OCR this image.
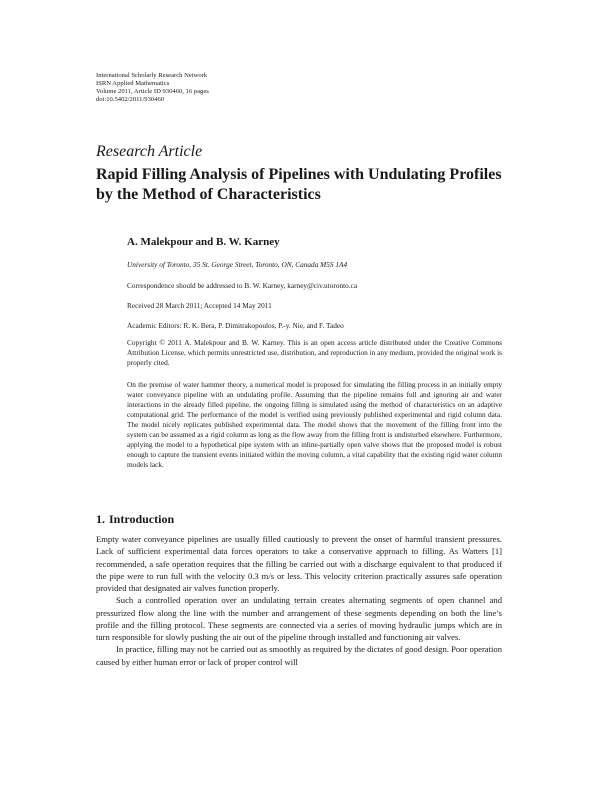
International Scholarly Research Network
ISRN Applied Mathematics
Volume 2011, Article ID 930460, 16 pages
doi:10.5402/2011/930460
Research Article
Rapid Filling Analysis of Pipelines with Undulating Profiles by the Method of Characteristics
A. Malekpour and B. W. Karney
University of Toronto, 35 St. George Street, Toronto, ON, Canada M5S 1A4
Correspondence should be addressed to B. W. Karney, karney@civ.utoronto.ca
Received 28 March 2011; Accepted 14 May 2011
Academic Editors: R. K. Bera, P. Dimitrakopoulos, P.-y. Nie, and F. Tadeo
Copyright © 2011 A. Malekpour and B. W. Karney. This is an open access article distributed under the Creative Commons Attribution License, which permits unrestricted use, distribution, and reproduction in any medium, provided the original work is properly cited.
On the premise of water hammer theory, a numerical model is proposed for simulating the filling process in an initially empty water conveyance pipeline with an undulating profile. Assuming that the pipeline remains full and ignoring air and water interactions in the already filled pipeline, the ongoing filling is simulated using the method of characteristics on an adaptive computational grid. The performance of the model is verified using previously published experimental and rigid column data. The model nicely replicates published experimental data. The model shows that the movement of the filling front into the system can be assumed as a rigid column as long as the flow away from the filling front is undisturbed elsewhere. Furthermore, applying the model to a hypothetical pipe system with an inline-partially open valve shows that the proposed model is robust enough to capture the transient events initiated within the moving column, a vital capability that the existing rigid water column models lack.
1. Introduction

Empty water conveyance pipelines are usually filled cautiously to prevent the onset of harmful transient pressures. Lack of sufficient experimental data forces operators to take a conservative approach to filling. As Watters [1] recommended, a safe operation requires that the filling be carried out with a discharge equivalent to that produced if the pipe were to run full with the velocity 0.3 m/s or less. This velocity criterion practically assures safe operation provided that designated air valves function properly.

Such a controlled operation over an undulating terrain creates alternating segments of open channel and pressurized flow along the line with the number and arrangement of these segments depending on both the line’s profile and the filling protocol. These segments are connected via a series of moving hydraulic jumps which are in turn responsible for slowly pushing the air out of the pipeline through installed and functioning air valves.

In practice, filling may not be carried out as smoothly as required by the dictates of good design. Poor operation caused by either human error or lack of proper control will
